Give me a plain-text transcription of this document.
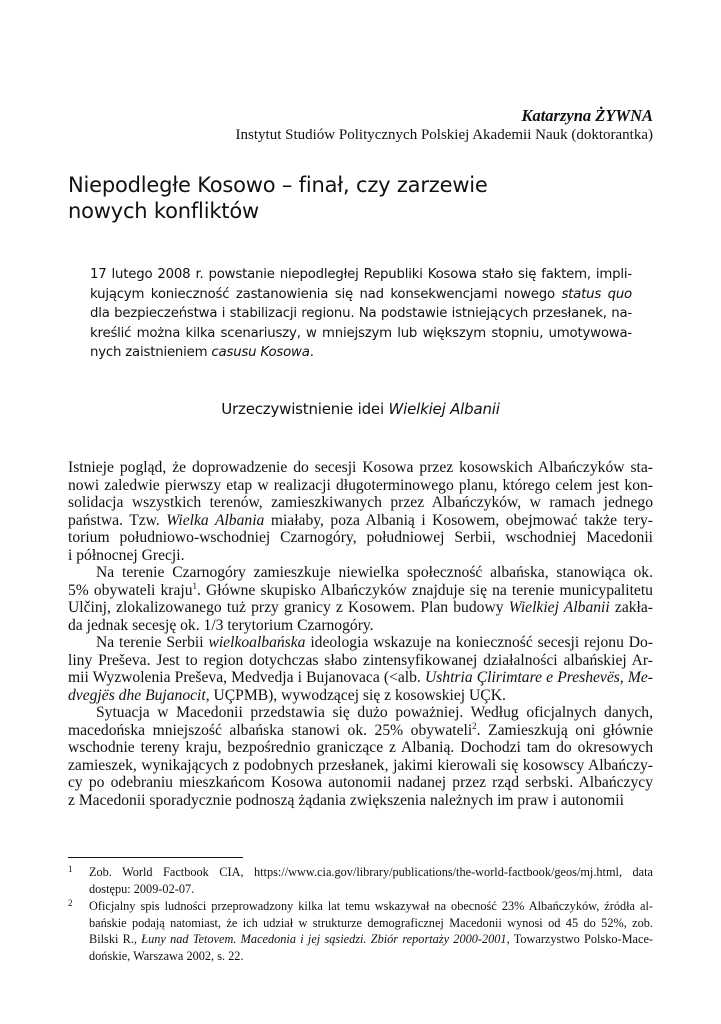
Katarzyna ŻYWNA
Instytut Studiów Politycznych Polskiej Akademii Nauk (doktorantka)
Niepodległe Kosowo – finał, czy zarzewie
nowych konfliktów
17 lutego 2008 r. powstanie niepodległej Republiki Kosowa stało się faktem, impli-
kującym konieczność zastanowienia się nad konsekwencjami nowego status quo
dla bezpieczeństwa i stabilizacji regionu. Na podstawie istniejących przesłanek, na-
kreślić można kilka scenariuszy, w mniejszym lub większym stopniu, umotywowa-
nych zaistnieniem casusu Kosowa.
Urzeczywistnienie idei Wielkiej Albanii
Istnieje pogląd, że doprowadzenie do secesji Kosowa przez kosowskich Albańczyków sta-
nowi zaledwie pierwszy etap w realizacji długoterminowego planu, którego celem jest kon-
solidacja wszystkich terenów, zamieszkiwanych przez Albańczyków, w ramach jednego
państwa. Tzw. Wielka Albania miałaby, poza Albanią i Kosowem, obejmować także tery-
torium południowo-wschodniej Czarnogóry, południowej Serbii, wschodniej Macedonii
i północnej Grecji.
Na terenie Czarnogóry zamieszkuje niewielka społeczność albańska, stanowiąca ok.
5% obywateli kraju$^1$. Główne skupisko Albańczyków znajduje się na terenie municypalitetu
Ulčinj, zlokalizowanego tuż przy granicy z Kosowem. Plan budowy Wielkiej Albanii zakła-
da jednak secesję ok. 1/3 terytorium Czarnogóry.
Na terenie Serbii wielkoalbańska ideologia wskazuje na konieczność secesji rejonu Do-
liny Preševa. Jest to region dotychczas słabo zintensyfikowanej działalności albańskiej Ar-
mii Wyzwolenia Preševa, Medvedja i Bujanovaca (<alb. Ushtria Çlirimtare e Preshevës, Me-
dvegjës dhe Bujanocit, UÇPMB), wywodzącej się z kosowskiej UÇK.
Sytuacja w Macedonii przedstawia się dużo poważniej. Według oficjalnych danych,
macedońska mniejszość albańska stanowi ok. 25% obywateli$^2$. Zamieszkują oni głównie
wschodnie tereny kraju, bezpośrednio graniczące z Albanią. Dochodzi tam do okresowych
zamieszek, wynikających z podobnych przesłanek, jakimi kierowali się kosowscy Albańczy-
cy po odebraniu mieszkańcom Kosowa autonomii nadanej przez rząd serbski. Albańczycy
z Macedonii sporadycznie podnoszą żądania zwiększenia należnych im praw i autonomii
1 Zob. World Factbook CIA, https://www.cia.gov/library/publications/the-world-factbook/geos/mj.html, data
dostępu: 2009-02-07.
2 Oficjalny spis ludności przeprowadzony kilka lat temu wskazywał na obecność 23% Albańczyków, źródła al-
bańskie podają natomiast, że ich udział w strukturze demograficznej Macedonii wynosi od 45 do 52%, zob.
Bilski R., Łuny nad Tetovem. Macedonia i jej sąsiedzi. Zbiór reportaży 2000-2001, Towarzystwo Polsko-Mace-
dońskie, Warszawa 2002, s. 22.
